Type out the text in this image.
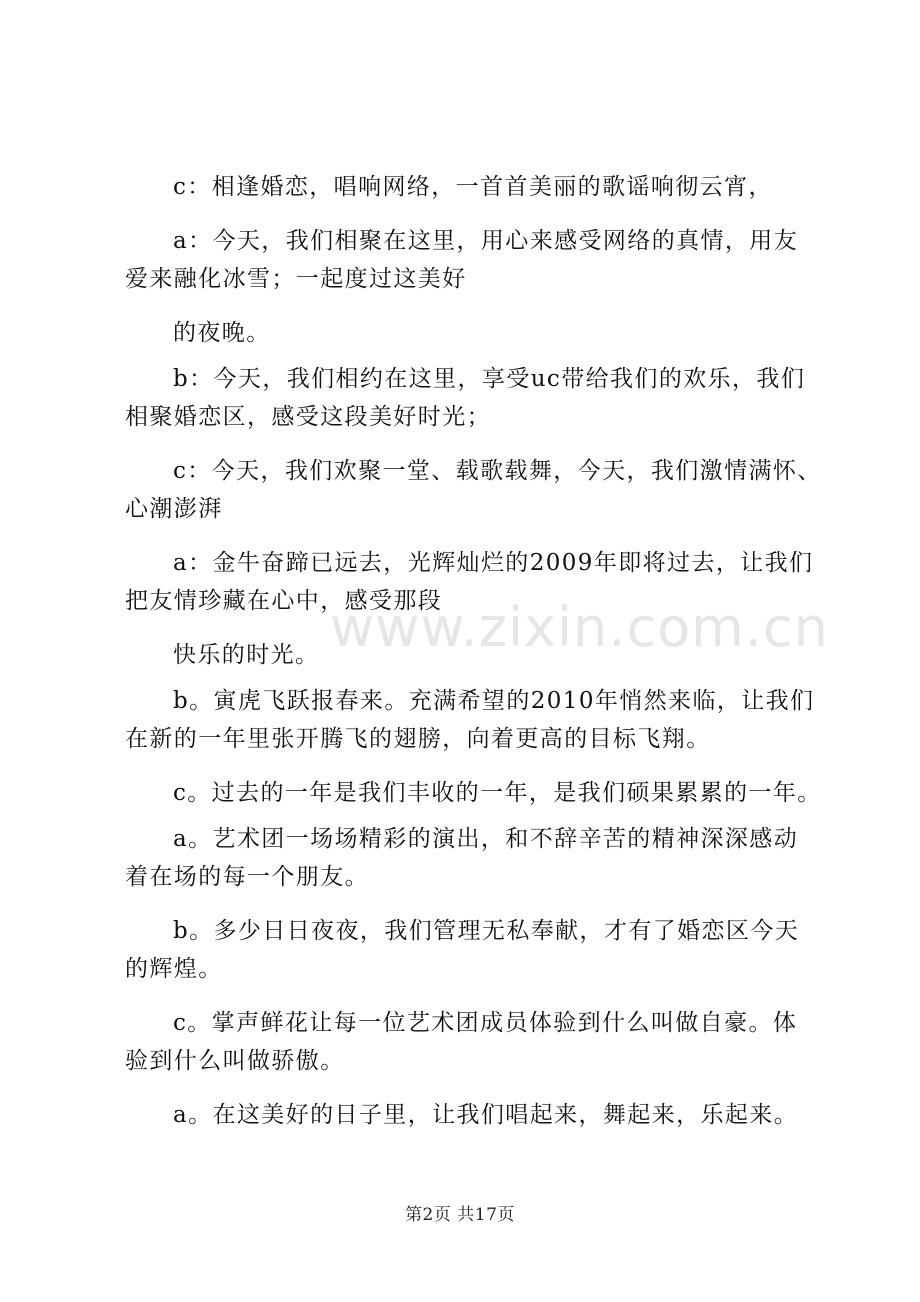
c：相逢婚恋，唱响网络，一首首美丽的歌谣响彻云宵，
a：今天，我们相聚在这里，用心来感受网络的真情，用友
爱来融化冰雪；一起度过这美好
的夜晚。
b：今天，我们相约在这里，享受uc带给我们的欢乐，我们
相聚婚恋区，感受这段美好时光；
c：今天，我们欢聚一堂、载歌载舞，今天，我们激情满怀、
心潮澎湃
a：金牛奋蹄已远去，光辉灿烂的2009年即将过去，让我们
把友情珍藏在心中，感受那段
快乐的时光。
b。寅虎飞跃报春来。充满希望的2010年悄然来临，让我们
在新的一年里张开腾飞的翅膀，向着更高的目标飞翔。
c。过去的一年是我们丰收的一年，是我们硕果累累的一年。
a。艺术团一场场精彩的演出，和不辞辛苦的精神深深感动
着在场的每一个朋友。
b。多少日日夜夜，我们管理无私奉献，才有了婚恋区今天
的辉煌。
c。掌声鲜花让每一位艺术团成员体验到什么叫做自豪。体
验到什么叫做骄傲。
a。在这美好的日子里，让我们唱起来，舞起来，乐起来。
www.zixin.com.cn
第2页 共17页
